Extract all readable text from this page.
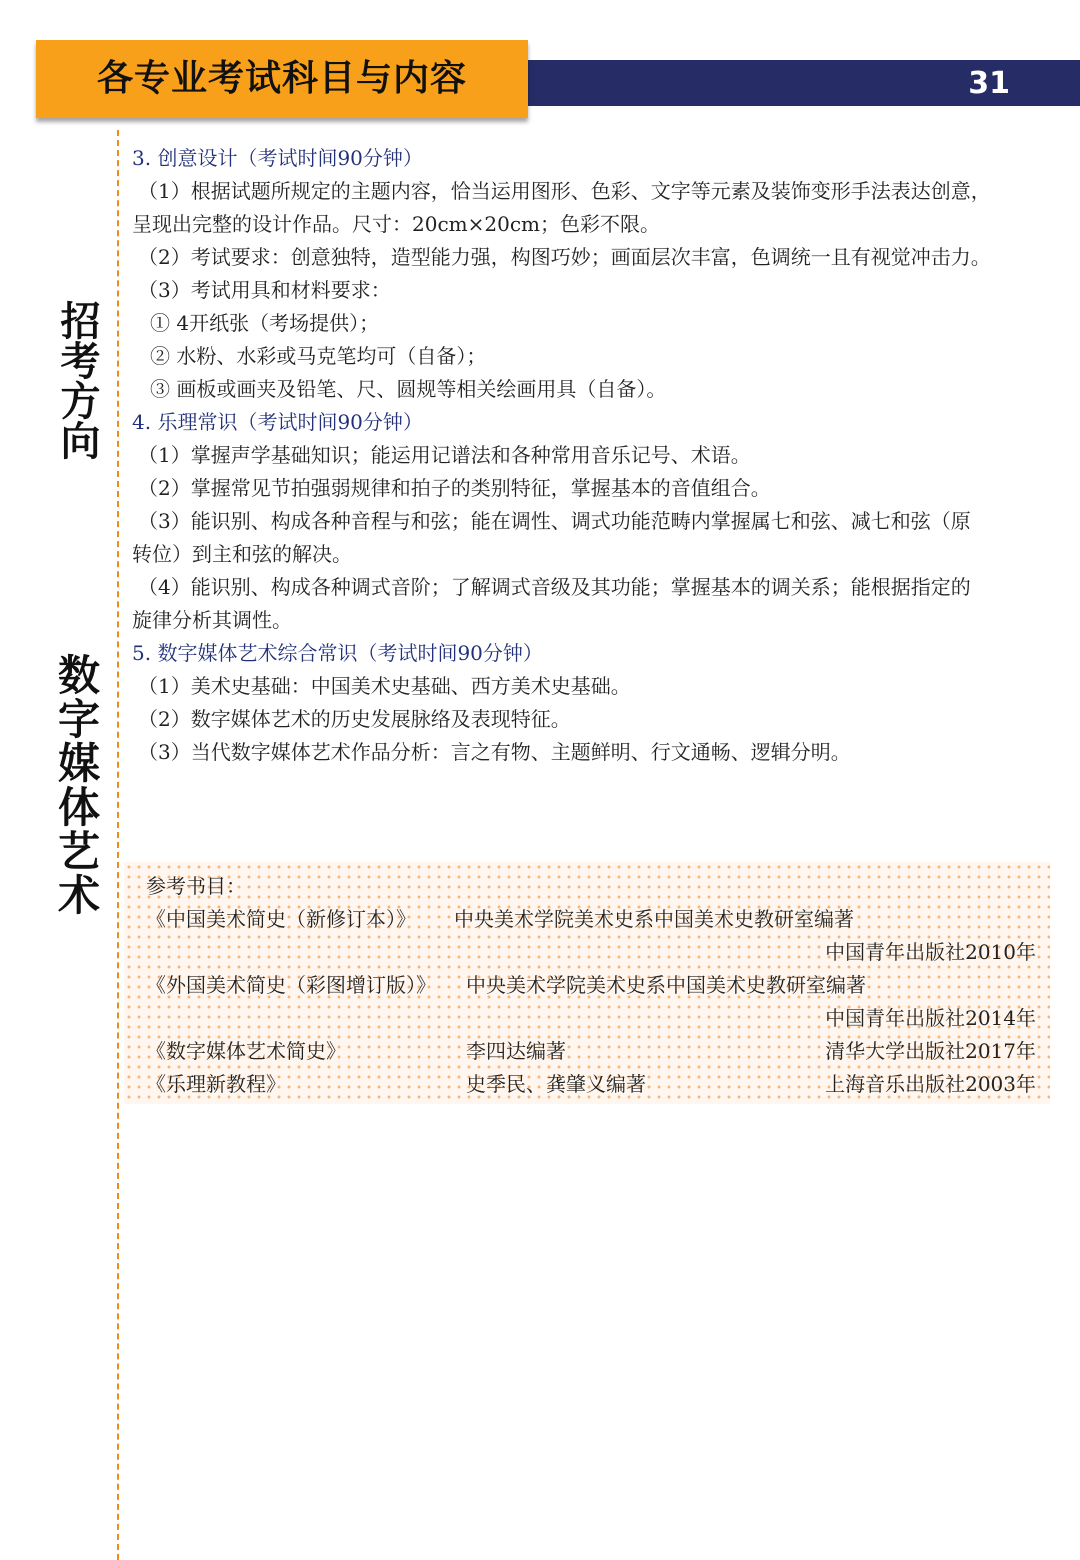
31
各专业考试科目与内容
招考方向
数字媒体艺术
3. 创意设计（考试时间90分钟）
（1）根据试题所规定的主题内容，恰当运用图形、色彩、文字等元素及装饰变形手法表达创意，
呈现出完整的设计作品。尺寸：20cm×20cm；色彩不限。
（2）考试要求：创意独特，造型能力强，构图巧妙；画面层次丰富，色调统一且有视觉冲击力。
（3）考试用具和材料要求：
① 4开纸张（考场提供）；
② 水粉、水彩或马克笔均可（自备）；
③ 画板或画夹及铅笔、尺、圆规等相关绘画用具（自备）。
4. 乐理常识（考试时间90分钟）
（1）掌握声学基础知识；能运用记谱法和各种常用音乐记号、术语。
（2）掌握常见节拍强弱规律和拍子的类别特征，掌握基本的音值组合。
（3）能识别、构成各种音程与和弦；能在调性、调式功能范畴内掌握属七和弦、减七和弦（原
转位）到主和弦的解决。
（4）能识别、构成各种调式音阶；了解调式音级及其功能；掌握基本的调关系；能根据指定的
旋律分析其调性。
5. 数字媒体艺术综合常识（考试时间90分钟）
（1）美术史基础：中国美术史基础、西方美术史基础。
（2）数字媒体艺术的历史发展脉络及表现特征。
（3）当代数字媒体艺术作品分析：言之有物、主题鲜明、行文通畅、逻辑分明。
参考书目：
《中国美术简史（新修订本）》 中央美术学院美术史系中国美术史教研室编著
中国青年出版社2010年
《外国美术简史（彩图增订版）》 中央美术学院美术史系中国美术史教研室编著
中国青年出版社2014年
《数字媒体艺术简史》	李四达编著	清华大学出版社2017年
《乐理新教程》	史季民、龚肇义编著	上海音乐出版社2003年
